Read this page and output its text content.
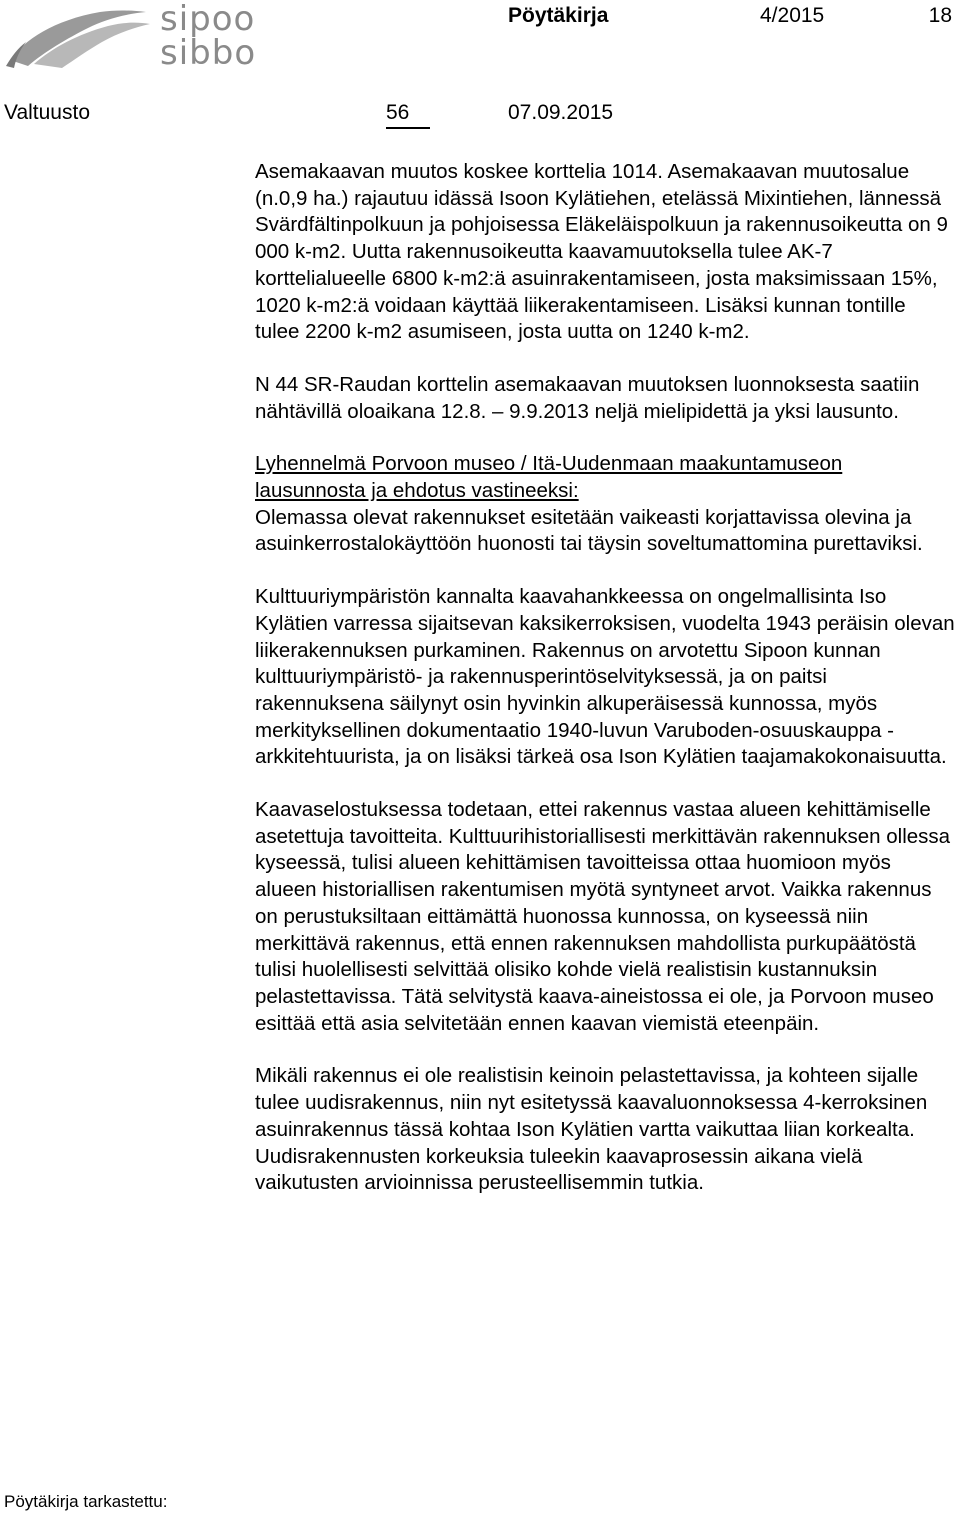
sipoo
sibbo
Pöytäkirja	4/2015	18
Valtuusto	56	07.09.2015

Asemakaavan muutos koskee korttelia 1014. Asemakaavan muutosalue (n.0,9 ha.) rajautuu idässä Isoon Kylätiehen, etelässä Mixintiehen, lännessä Svärdfältinpolkuun ja pohjoisessa Eläkeläispolkuun ja rakennusoikeutta on 9 000 k-m2. Uutta rakennusoikeutta kaavamuutoksella tulee AK-7 korttelialueelle 6800 k-m2:ä asuinrakentamiseen, josta maksimissaan 15%, 1020 k-m2:ä voidaan käyttää liikerakentamiseen. Lisäksi kunnan tontille tulee 2200 k-m2 asumiseen, josta uutta on 1240 k-m2.

N 44 SR-Raudan korttelin asemakaavan muutoksen luonnoksesta saatiin nähtävillä oloaikana 12.8. – 9.9.2013 neljä mielipidettä ja yksi lausunto.

Lyhennelmä Porvoon museo / Itä-Uudenmaan maakuntamuseon lausunnosta ja ehdotus vastineeksi:

Olemassa olevat rakennukset esitetään vaikeasti korjattavissa olevina ja asuinkerrostalokäyttöön huonosti tai täysin soveltumattomina purettaviksi.

Kulttuuriympäristön kannalta kaavahankkeessa on ongelmallisinta Iso Kylätien varressa sijaitsevan kaksikerroksisen, vuodelta 1943 peräisin olevan liikerakennuksen purkaminen. Rakennus on arvotettu Sipoon kunnan kulttuuriympäristö- ja rakennusperintöselvityksessä, ja on paitsi rakennuksena säilynyt osin hyvinkin alkuperäisessä kunnossa, myös merkityksellinen dokumentaatio 1940-luvun Varuboden-osuuskauppa -arkkitehtuurista, ja on lisäksi tärkeä osa Ison Kylätien taajamakokonaisuutta.

Kaavaselostuksessa todetaan, ettei rakennus vastaa alueen kehittämiselle asetettuja tavoitteita. Kulttuurihistoriallisesti merkittävän rakennuksen ollessa kyseessä, tulisi alueen kehittämisen tavoitteissa ottaa huomioon myös alueen historiallisen rakentumisen myötä syntyneet arvot. Vaikka rakennus on perustuksiltaan eittämättä huonossa kunnossa, on kyseessä niin merkittävä rakennus, että ennen rakennuksen mahdollista purkupäätöstä tulisi huolellisesti selvittää olisiko kohde vielä realistisin kustannuksin pelastettavissa. Tätä selvitystä kaava-aineistossa ei ole, ja Porvoon museo esittää että asia selvitetään ennen kaavan viemistä eteenpäin.

Mikäli rakennus ei ole realistisin keinoin pelastettavissa, ja kohteen sijalle tulee uudisrakennus, niin nyt esitetyssä kaavaluonnoksessa 4-kerroksinen asuinrakennus tässä kohtaa Ison Kylätien vartta vaikuttaa liian korkealta. Uudisrakennusten korkeuksia tuleekin kaavaprosessin aikana vielä vaikutusten arvioinnissa perusteellisemmin tutkia.

Pöytäkirja tarkastettu:
